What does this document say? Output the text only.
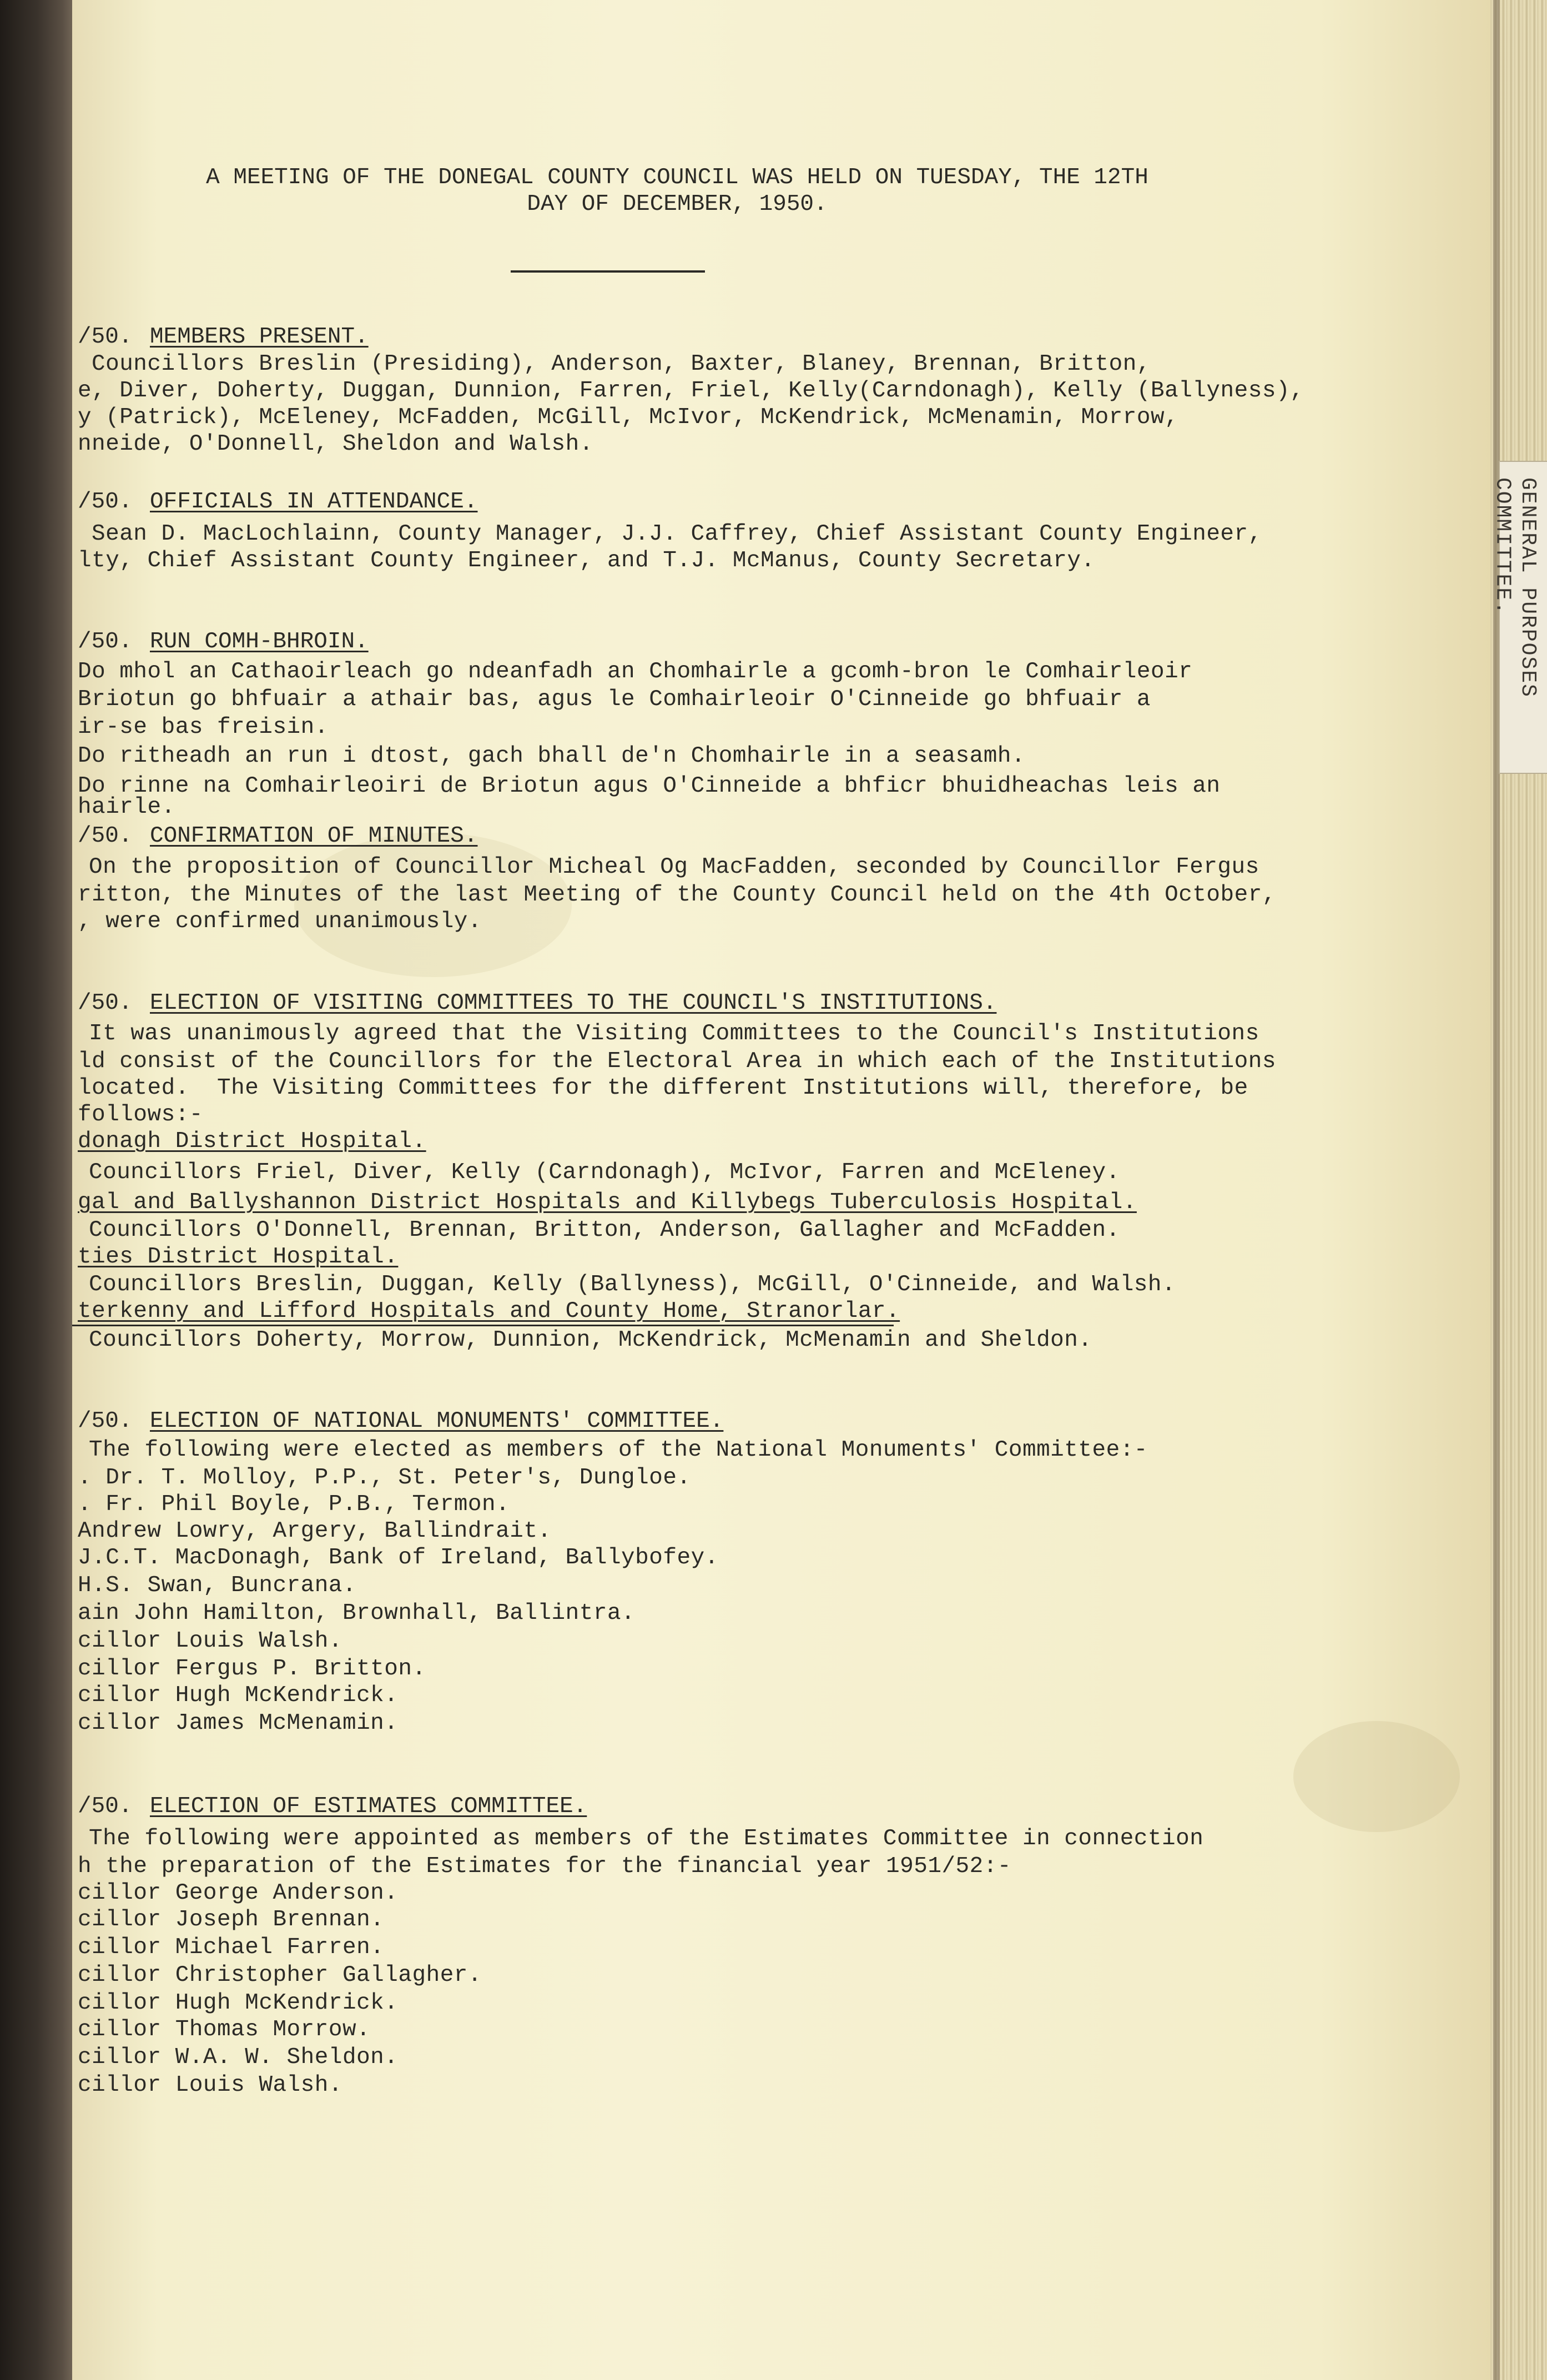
A MEETING OF THE DONEGAL COUNTY COUNCIL WAS HELD ON TUESDAY, THE 12TH
DAY OF DECEMBER, 1950.
/50. MEMBERS PRESENT.
Councillors Breslin (Presiding), Anderson, Baxter, Blaney, Brennan, Britton,
e, Diver, Doherty, Duggan, Dunnion, Farren, Friel, Kelly(Carndonagh), Kelly (Ballyness),
y (Patrick), McEleney, McFadden, McGill, McIvor, McKendrick, McMenamin, Morrow,
nneide, O'Donnell, Sheldon and Walsh.
/50. OFFICIALS IN ATTENDANCE.
Sean D. MacLochlainn, County Manager, J.J. Caffrey, Chief Assistant County Engineer,
lty, Chief Assistant County Engineer, and T.J. McManus, County Secretary.
/50. RUN COMH-BHROIN.
Do mhol an Cathaoirleach go ndeanfadh an Chomhairle a gcomh-bron le Comhairleoir
Briotun go bhfuair a athair bas, agus le Comhairleoir O'Cinneide go bhfuair a
ir-se bas freisin.
Do ritheadh an run i dtost, gach bhall de'n Chomhairle in a seasamh.
Do rinne na Comhairleoiri de Briotun agus O'Cinneide a bhficr bhuidheachas leis an
hairle.
/50. CONFIRMATION OF MINUTES.
On the proposition of Councillor Micheal Og MacFadden, seconded by Councillor Fergus
ritton, the Minutes of the last Meeting of the County Council held on the 4th October,
, were confirmed unanimously.
/50. ELECTION OF VISITING COMMITTEES TO THE COUNCIL'S INSTITUTIONS.
It was unanimously agreed that the Visiting Committees to the Council's Institutions
ld consist of the Councillors for the Electoral Area in which each of the Institutions
located.  The Visiting Committees for the different Institutions will, therefore, be
follows:-
donagh District Hospital.
Councillors Friel, Diver, Kelly (Carndonagh), McIvor, Farren and McEleney.
gal and Ballyshannon District Hospitals and Killybegs Tuberculosis Hospital.
Councillors O'Donnell, Brennan, Britton, Anderson, Gallagher and McFadden.
ties District Hospital.
Councillors Breslin, Duggan, Kelly (Ballyness), McGill, O'Cinneide, and Walsh.
terkenny and Lifford Hospitals and County Home, Stranorlar.
Councillors Doherty, Morrow, Dunnion, McKendrick, McMenamin and Sheldon.
/50. ELECTION OF NATIONAL MONUMENTS' COMMITTEE.
The following were elected as members of the National Monuments' Committee:-
. Dr. T. Molloy, P.P., St. Peter's, Dungloe.
. Fr. Phil Boyle, P.B., Termon.
Andrew Lowry, Argery, Ballindrait.
J.C.T. MacDonagh, Bank of Ireland, Ballybofey.
H.S. Swan, Buncrana.
ain John Hamilton, Brownhall, Ballintra.
cillor Louis Walsh.
cillor Fergus P. Britton.
cillor Hugh McKendrick.
cillor James McMenamin.
/50. ELECTION OF ESTIMATES COMMITTEE.
The following were appointed as members of the Estimates Committee in connection
h the preparation of the Estimates for the financial year 1951/52:-
cillor George Anderson.
cillor Joseph Brennan.
cillor Michael Farren.
cillor Christopher Gallagher.
cillor Hugh McKendrick.
cillor Thomas Morrow.
cillor W.A. W. Sheldon.
cillor Louis Walsh.
GENERAL PURPOSES COMMITTEE.
